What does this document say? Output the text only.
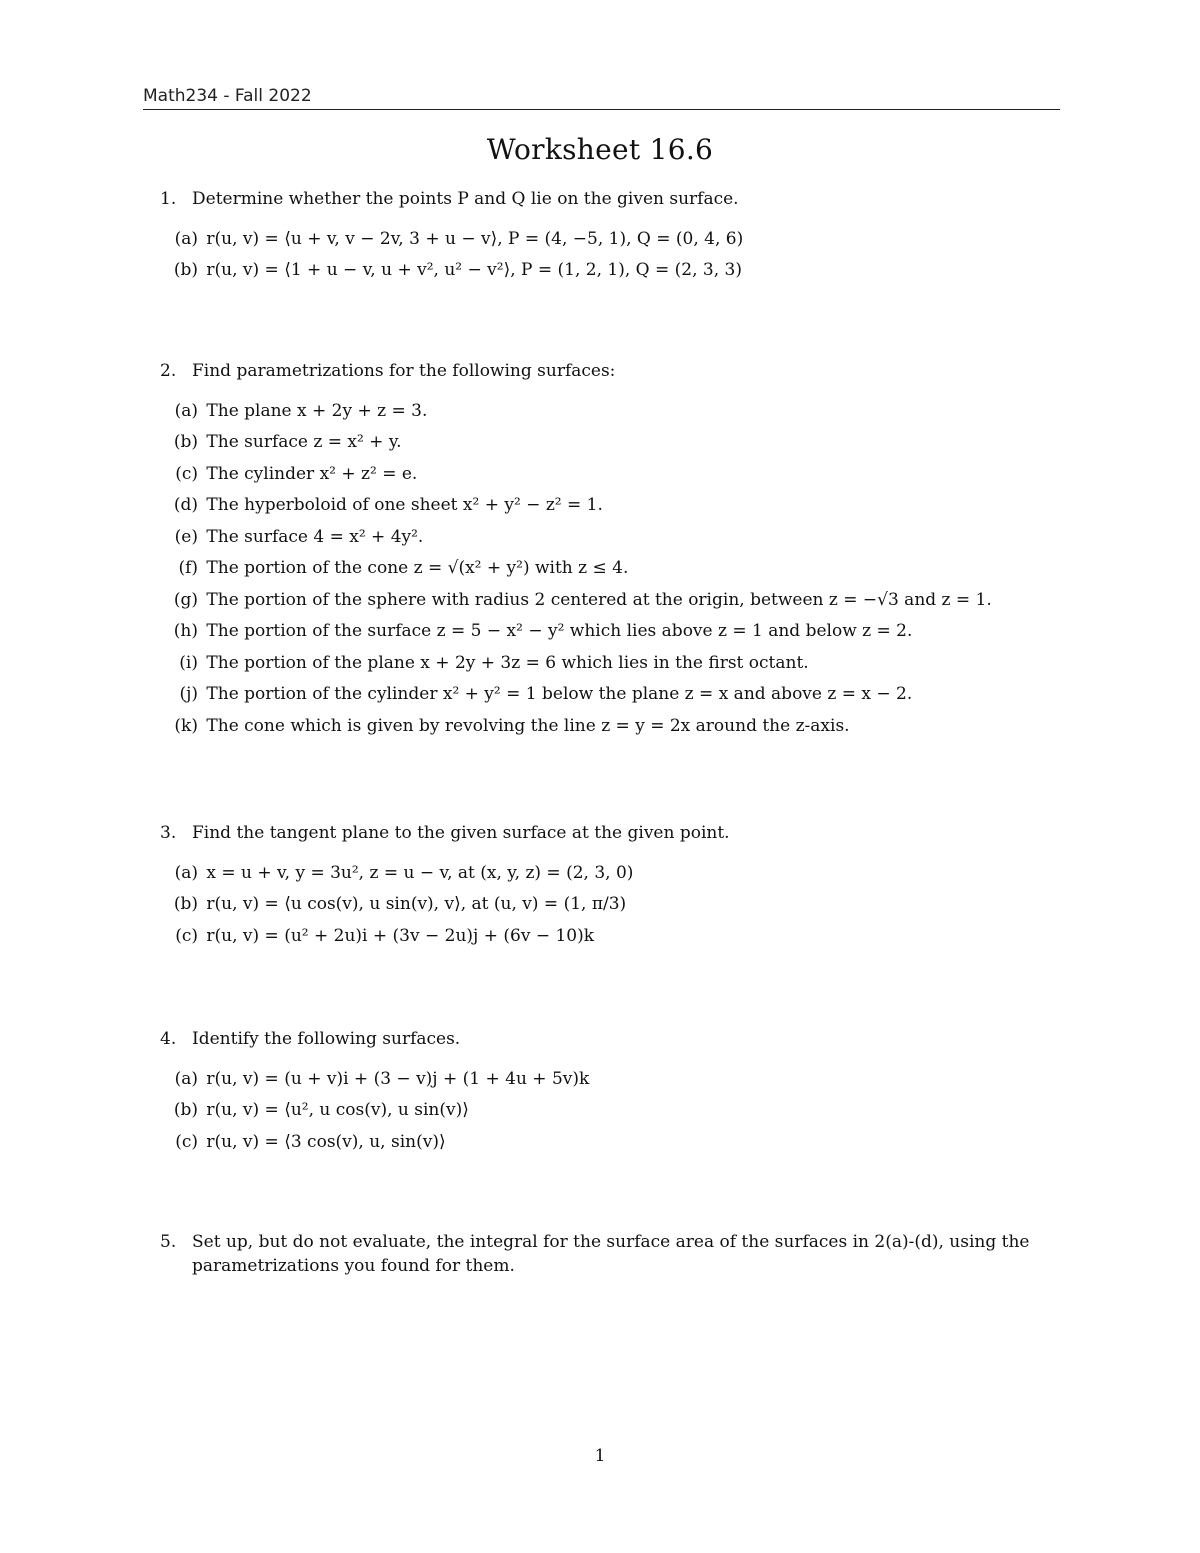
Math234 - Fall 2022
Worksheet 16.6
1. Determine whether the points P and Q lie on the given surface.
(a) r(u, v) = ⟨u + v, v − 2v, 3 + u − v⟩, P = (4, −5, 1), Q = (0, 4, 6)
(b) r(u, v) = ⟨1 + u − v, u + v², u² − v²⟩, P = (1, 2, 1), Q = (2, 3, 3)
2. Find parametrizations for the following surfaces:
(a) The plane x + 2y + z = 3.
(b) The surface z = x² + y.
(c) The cylinder x² + z² = e.
(d) The hyperboloid of one sheet x² + y² − z² = 1.
(e) The surface 4 = x² + 4y².
(f) The portion of the cone z = √(x² + y²) with z ≤ 4.
(g) The portion of the sphere with radius 2 centered at the origin, between z = −√3 and z = 1.
(h) The portion of the surface z = 5 − x² − y² which lies above z = 1 and below z = 2.
(i) The portion of the plane x + 2y + 3z = 6 which lies in the first octant.
(j) The portion of the cylinder x² + y² = 1 below the plane z = x and above z = x − 2.
(k) The cone which is given by revolving the line z = y = 2x around the z-axis.
3. Find the tangent plane to the given surface at the given point.
(a) x = u + v, y = 3u², z = u − v, at (x, y, z) = (2, 3, 0)
(b) r(u, v) = ⟨u cos(v), u sin(v), v⟩, at (u, v) = (1, π/3)
(c) r(u, v) = (u² + 2u)i + (3v − 2u)j + (6v − 10)k
4. Identify the following surfaces.
(a) r(u, v) = (u + v)i + (3 − v)j + (1 + 4u + 5v)k
(b) r(u, v) = ⟨u², u cos(v), u sin(v)⟩
(c) r(u, v) = ⟨3 cos(v), u, sin(v)⟩
5. Set up, but do not evaluate, the integral for the surface area of the surfaces in 2(a)-(d), using the
parametrizations you found for them.
1
